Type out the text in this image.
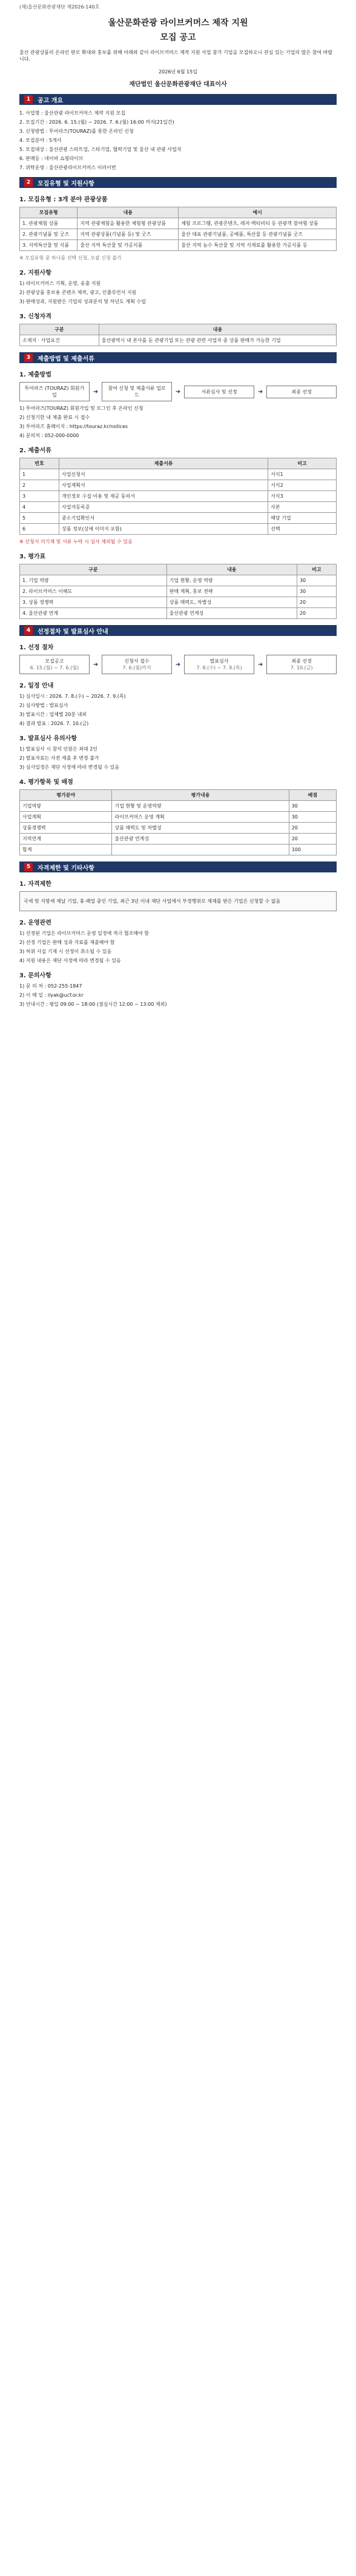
(재)울산문화관광재단 제2026-140호
울산문화관광 라이브커머스 제작 지원
모집 공고
울산 관광상품의 온라인 판로 확대와 홍보를 위해 아래와 같이 라이브커머스 제작 지원 사업 참가 기업을 모집하오니 관심 있는 기업의 많은 참여 바랍니다.
2026년 6월 15일
재단법인 울산문화관광재단 대표이사
1	공고 개요
1. 사업명 : 울산관광 라이브커머스 제작 지원 모집
2. 모집기간 : 2026. 6. 15.(월) ~ 2026. 7. 6.(월) 16:00 까지(21일간)
3. 신청방법 : 투어라즈(TOURAZ)를 통한 온라인 신청
4. 모집분야 : 5개사
5. 모집대상 : 울산관광 스타트업, 스타기업, 협력기업 및 울산 내 관광 사업자
6. 판매등 : 네이버 쇼핑라이브
7. 위탁운영 : 울산관광라이브커머스 이러이번
2	모집유형 및 지원사항
1. 모집유형 : 3개 분야 관광상품
모집유형	내용	예시
1. 관광체험 상품	지역 관광체험을 활용한 체험형 관광상품	체험 프로그램, 관광콘텐츠, 레저·액티비티 등 관광객 참여형 상품
2. 관광기념품 및 굿즈	지역 관광상품(기념품 등) 및 굿즈	울산 대표 관광기념품, 공예품, 특산물 등 관광기념품 굿즈
3. 지역특산물 및 식품	울산 지역 특산물 및 가공식품	울산 지역 농수 특산물 및 지역 식재료를 활용한 가공식품 등
※ 모집유형 중 하나를 선택 신청, 포괄 신청 불가
2. 지원사항
1) 라이브커머스 기획, 운영, 송출 지원
2) 관광상품 홍보용 콘텐츠 제작, 광고, 인플루언서 지원
3) 판매성과, 지원받은 기업의 성과분석 및 차년도 계획 수립
3. 신청자격
구분	내용
소재지 · 사업요건	울산광역시 내 본사를 둔 관광기업 또는 관광 관련 사업자 중 상품 판매가 가능한 기업
3	제출방법 및 제출서류
1. 제출방법
투어라즈 (TOURAZ) 회원가입	➜	참여 신청 및 제출서류 업로드	➜	서류심사 및 선정	➜	최종 선정
1) 투어라즈(TOURAZ) 회원가입 및 로그인 후 온라인 신청
2) 신청기한 내 제출 완료 시 접수
3) 투어라즈 홈페이지 : https://touraz.kr/notices
4) 문의처 : 052-000-0000
2. 제출서류
번호	제출서류	비고
1	사업신청서	서식1
2	사업계획서	서식2
3	개인정보 수집·이용 및 제공 동의서	서식3
4	사업자등록증	사본
5	중소기업확인서	해당 기업
6	상품 정보(상세 이미지 포함)	선택
※ 신청서 미기재 및 서류 누락 시 심사 제외될 수 있음
3. 평가표
구분	내용	비고
1. 기업 역량	기업 현황, 운영 역량	30
2. 라이브커머스 이해도	판매 계획, 홍보 전략	30
3. 상품 경쟁력	상품 매력도, 차별성	20
4. 울산관광 연계	울산관광 연계성	20
4	선정절차 및 발표심사 안내
1. 선정 절차
모집공고
6. 15.(월) ~ 7. 6.(월)	➜	신청서 접수
7. 6.(월)까지	➜	발표심사
7. 8.(수) ~ 7. 9.(목)	➜	최종 선정
7. 10.(금)
2. 일정 안내
1) 심사일시 : 2026. 7. 8.(수) ~ 2026. 7. 9.(목)
2) 심사방법 : 발표심사
3) 발표시간 : 업체별 20분 내외
4) 결과 발표 : 2026. 7. 10.(금)
3. 발표심사 유의사항
1) 발표심사 시 참석 인원은 최대 2인
2) 발표자료는 사전 제출 후 변경 불가
3) 심사일정은 재단 사정에 따라 변경될 수 있음
4. 평가항목 및 배점
평가분야	평가내용	배점
기업역량	기업 현황 및 운영역량	30
사업계획	라이브커머스 운영 계획	30
상품경쟁력	상품 매력도 및 차별성	20
지역연계	울산관광 연계성	20
합계		100
5	자격제한 및 기타사항
1. 자격제한
국세 및 지방세 체납 기업, 휴·폐업 중인 기업, 최근 3년 이내 재단 사업에서 부정행위로 제재를 받은 기업은 신청할 수 없음
2. 운영관련
1) 선정된 기업은 라이브커머스 운영 일정에 적극 협조해야 함
2) 선정 기업은 판매 성과 자료를 제출해야 함
3) 허위 사실 기재 시 선정이 취소될 수 있음
4) 지원 내용은 재단 사정에 따라 변경될 수 있음
3. 문의사항
1) 문 의 처 : 052-255-1847
2) 이 메 일 : ilyak@ucf.or.kr
3) 안내시간 : 평일 09:00 ~ 18:00 (점심시간 12:00 ~ 13:00 제외)
